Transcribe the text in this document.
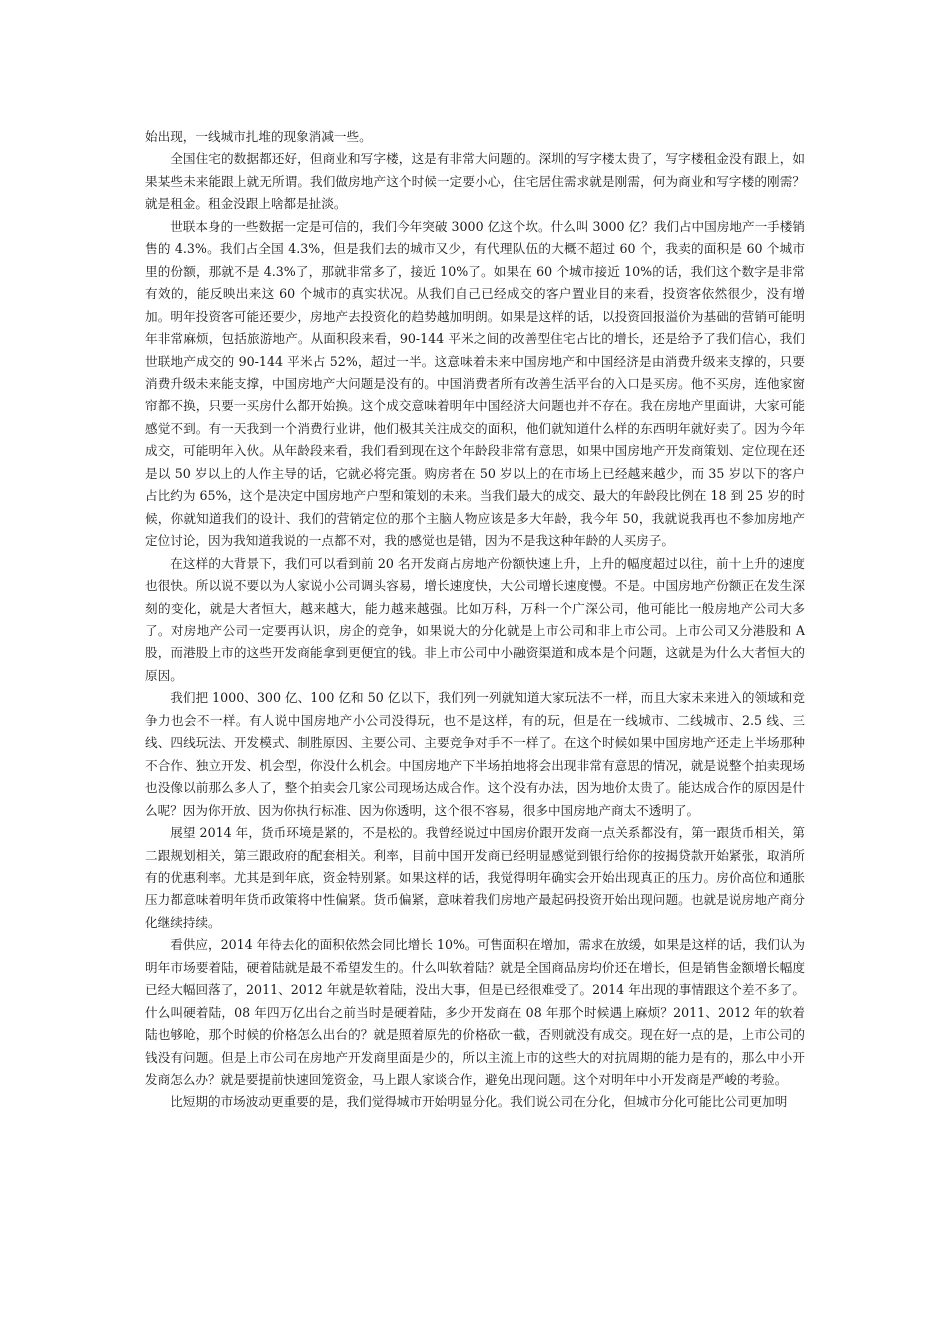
始出现，一线城市扎堆的现象消减一些。

全国住宅的数据都还好，但商业和写字楼，这是有非常大问题的。深圳的写字楼太贵了，写字楼租金没有跟上，如果某些未来能跟上就无所谓。我们做房地产这个时候一定要小心，住宅居住需求就是刚需，何为商业和写字楼的刚需？就是租金。租金没跟上啥都是扯淡。

世联本身的一些数据一定是可信的，我们今年突破 3000 亿这个坎。什么叫 3000 亿？我们占中国房地产一手楼销售的 4.3%。我们占全国 4.3%，但是我们去的城市又少，有代理队伍的大概不超过 60 个，我卖的面积是 60 个城市里的份额，那就不是 4.3%了，那就非常多了，接近 10%了。如果在 60 个城市接近 10%的话，我们这个数字是非常有效的，能反映出来这 60 个城市的真实状况。从我们自己已经成交的客户置业目的来看，投资客依然很少，没有增加。明年投资客可能还要少，房地产去投资化的趋势越加明朗。如果是这样的话，以投资回报溢价为基础的营销可能明年非常麻烦，包括旅游地产。从面积段来看，90-144 平米之间的改善型住宅占比的增长，还是给予了我们信心，我们世联地产成交的 90-144 平米占 52%，超过一半。这意味着未来中国房地产和中国经济是由消费升级来支撑的，只要消费升级未来能支撑，中国房地产大问题是没有的。中国消费者所有改善生活平台的入口是买房。他不买房，连他家窗帘都不换，只要一买房什么都开始换。这个成交意味着明年中国经济大问题也并不存在。我在房地产里面讲，大家可能感觉不到。有一天我到一个消费行业讲，他们极其关注成交的面积，他们就知道什么样的东西明年就好卖了。因为今年成交，可能明年入伙。从年龄段来看，我们看到现在这个年龄段非常有意思，如果中国房地产开发商策划、定位现在还是以 50 岁以上的人作主导的话，它就必将完蛋。购房者在 50 岁以上的在市场上已经越来越少，而 35 岁以下的客户占比约为 65%，这个是决定中国房地产户型和策划的未来。当我们最大的成交、最大的年龄段比例在 18 到 25 岁的时候，你就知道我们的设计、我们的营销定位的那个主脑人物应该是多大年龄，我今年 50，我就说我再也不参加房地产定位讨论，因为我知道我说的一点都不对，我的感觉也是错，因为不是我这种年龄的人买房子。

在这样的大背景下，我们可以看到前 20 名开发商占房地产份额快速上升，上升的幅度超过以往，前十上升的速度也很快。所以说不要以为人家说小公司调头容易，增长速度快，大公司增长速度慢。不是。中国房地产份额正在发生深刻的变化，就是大者恒大，越来越大，能力越来越强。比如万科，万科一个广深公司，他可能比一般房地产公司大多了。对房地产公司一定要再认识，房企的竞争，如果说大的分化就是上市公司和非上市公司。上市公司又分港股和 A 股，而港股上市的这些开发商能拿到更便宜的钱。非上市公司中小融资渠道和成本是个问题，这就是为什么大者恒大的原因。

我们把 1000、300 亿、100 亿和 50 亿以下，我们列一列就知道大家玩法不一样，而且大家未来进入的领域和竞争力也会不一样。有人说中国房地产小公司没得玩，也不是这样，有的玩，但是在一线城市、二线城市、2.5 线、三线、四线玩法、开发模式、制胜原因、主要公司、主要竞争对手不一样了。在这个时候如果中国房地产还走上半场那种不合作、独立开发、机会型，你没什么机会。中国房地产下半场拍地将会出现非常有意思的情况，就是说整个拍卖现场也没像以前那么多人了，整个拍卖会几家公司现场达成合作。这个没有办法，因为地价太贵了。能达成合作的原因是什么呢？因为你开放、因为你执行标准、因为你透明，这个很不容易，很多中国房地产商太不透明了。

展望 2014 年，货币环境是紧的，不是松的。我曾经说过中国房价跟开发商一点关系都没有，第一跟货币相关，第二跟规划相关，第三跟政府的配套相关。利率，目前中国开发商已经明显感觉到银行给你的按揭贷款开始紧张，取消所有的优惠利率。尤其是到年底，资金特别紧。如果这样的话，我觉得明年确实会开始出现真正的压力。房价高位和通胀压力都意味着明年货币政策将中性偏紧。货币偏紧，意味着我们房地产最起码投资开始出现问题。也就是说房地产商分化继续持续。

看供应，2014 年待去化的面积依然会同比增长 10%。可售面积在增加，需求在放缓，如果是这样的话，我们认为明年市场要着陆，硬着陆就是最不希望发生的。什么叫软着陆？就是全国商品房均价还在增长，但是销售金额增长幅度已经大幅回落了，2011、2012 年就是软着陆，没出大事，但是已经很难受了。2014 年出现的事情跟这个差不多了。什么叫硬着陆，08 年四万亿出台之前当时是硬着陆，多少开发商在 08 年那个时候遇上麻烦？2011、2012 年的软着陆也够呛，那个时候的价格怎么出台的？就是照着原先的价格砍一截，否则就没有成交。现在好一点的是，上市公司的钱没有问题。但是上市公司在房地产开发商里面是少的，所以主流上市的这些大的对抗周期的能力是有的，那么中小开发商怎么办？就是要提前快速回笼资金，马上跟人家谈合作，避免出现问题。这个对明年中小开发商是严峻的考验。

比短期的市场波动更重要的是，我们觉得城市开始明显分化。我们说公司在分化，但城市分化可能比公司更加明
